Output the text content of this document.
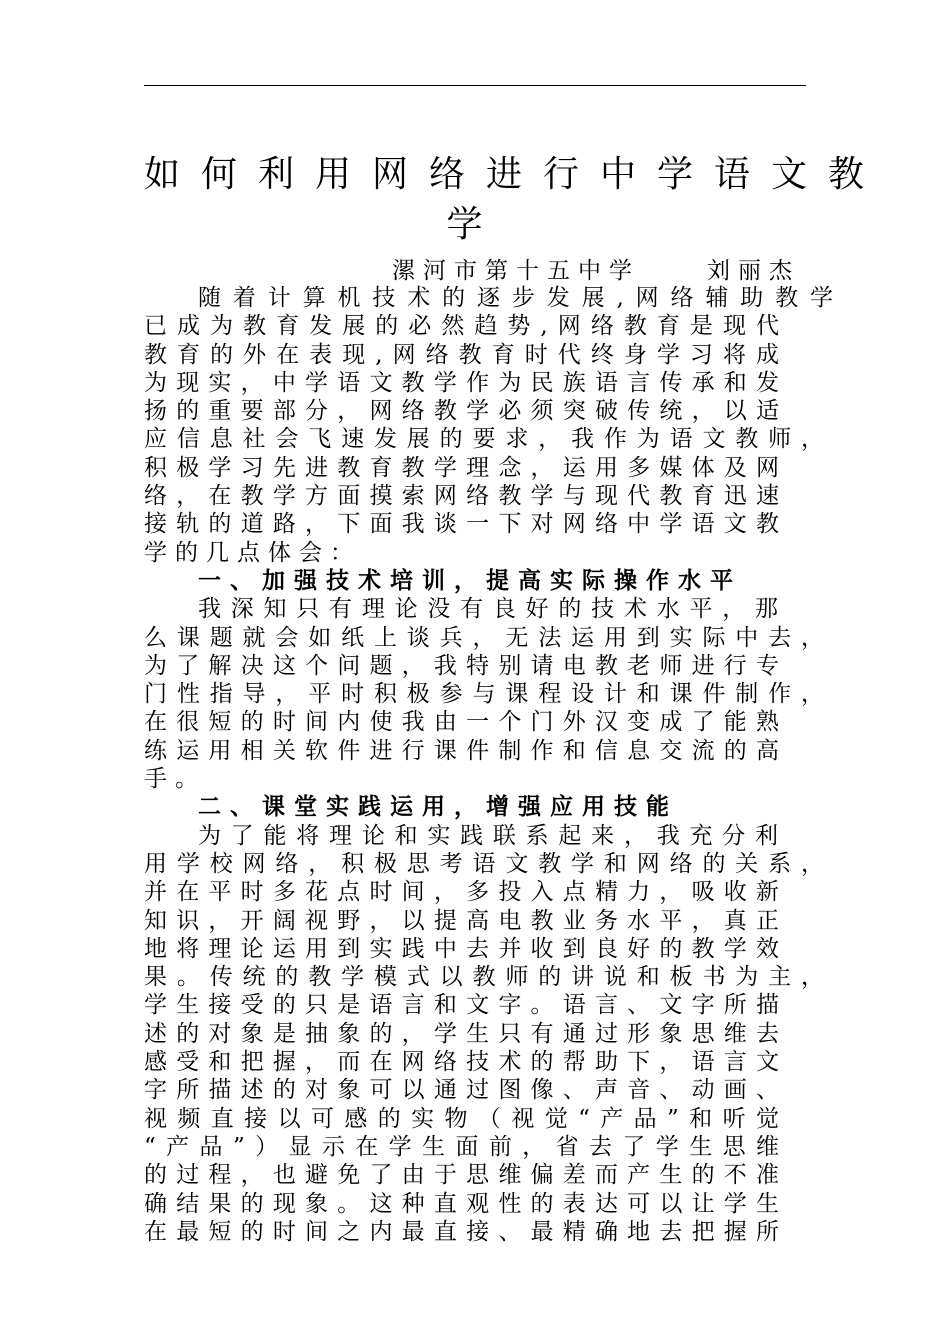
如何利用网络进行中学语文教
学
漯河市第十五中学	刘丽杰
随着计算机技术的逐步发展,网络辅助教学
已成为教育发展的必然趋势,网络教育是现代
教育的外在表现,网络教育时代终身学习将成
为现实，中学语文教学作为民族语言传承和发
扬的重要部分，网络教学必须突破传统，以适
应信息社会飞速发展的要求，我作为语文教师，
积极学习先进教育教学理念，运用多媒体及网
络，在教学方面摸索网络教学与现代教育迅速
接轨的道路，下面我谈一下对网络中学语文教
学的几点体会：
一、加强技术培训，提高实际操作水平
我深知只有理论没有良好的技术水平，那
么课题就会如纸上谈兵，无法运用到实际中去，
为了解决这个问题，我特别请电教老师进行专
门性指导，平时积极参与课程设计和课件制作，
在很短的时间内使我由一个门外汉变成了能熟
练运用相关软件进行课件制作和信息交流的高
手。
二、课堂实践运用，增强应用技能
为了能将理论和实践联系起来，我充分利
用学校网络，积极思考语文教学和网络的关系，
并在平时多花点时间，多投入点精力，吸收新
知识，开阔视野，以提高电教业务水平，真正
地将理论运用到实践中去并收到良好的教学效
果。传统的教学模式以教师的讲说和板书为主，
学生接受的只是语言和文字。语言、文字所描
述的对象是抽象的，学生只有通过形象思维去
感受和把握，而在网络技术的帮助下，语言文
字所描述的对象可以通过图像、声音、动画、
视频直接以可感的实物（视觉“产品”和听觉
“产品”）显示在学生面前，省去了学生思维
的过程，也避免了由于思维偏差而产生的不准
确结果的现象。这种直观性的表达可以让学生
在最短的时间之内最直接、最精确地去把握所
